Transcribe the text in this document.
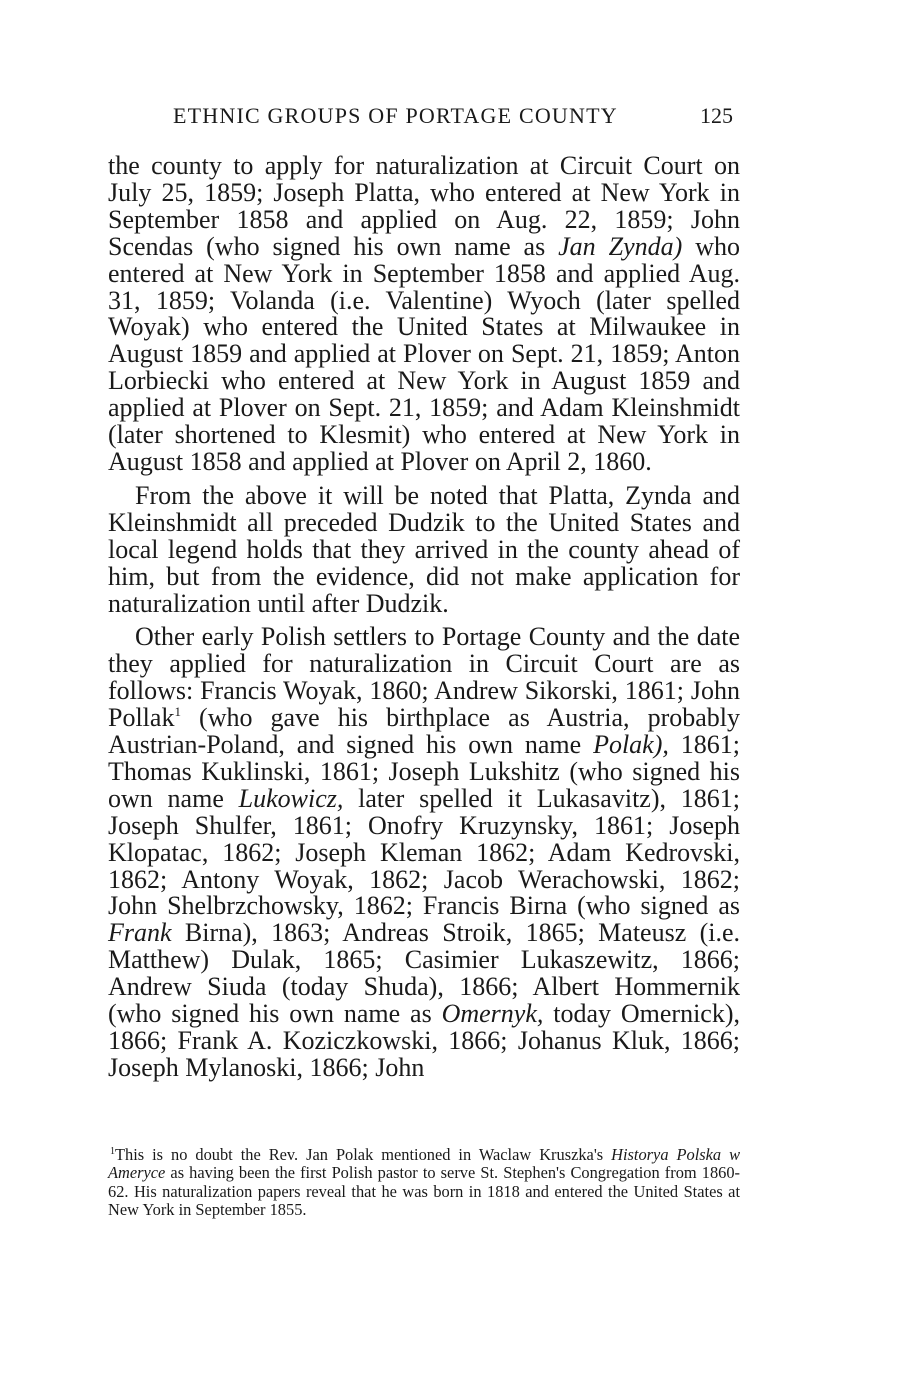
ETHNIC GROUPS OF PORTAGE COUNTY	125

the county to apply for naturalization at Circuit Court on July 25, 1859; Joseph Platta, who entered at New York in September 1858 and applied on Aug. 22, 1859; John Scendas (who signed his own name as Jan Zynda) who entered at New York in September 1858 and applied Aug. 31, 1859; Volanda (i.e. Valentine) Wyoch (later spelled Woyak) who entered the United States at Milwaukee in August 1859 and applied at Plover on Sept. 21, 1859; Anton Lorbiecki who entered at New York in August 1859 and applied at Plover on Sept. 21, 1859; and Adam Kleinshmidt (later shortened to Klesmit) who entered at New York in August 1858 and applied at Plover on April 2, 1860.

From the above it will be noted that Platta, Zynda and Kleinshmidt all preceded Dudzik to the United States and local legend holds that they arrived in the county ahead of him, but from the evidence, did not make application for naturalization until after Dudzik.

Other early Polish settlers to Portage County and the date they applied for naturalization in Circuit Court are as follows: Francis Woyak, 1860; Andrew Sikorski, 1861; John Pollak$^1$ (who gave his birthplace as Austria, probably Austrian-Poland, and signed his own name Polak), 1861; Thomas Kuklinski, 1861; Joseph Lukshitz (who signed his own name Lukowicz, later spelled it Lukasavitz), 1861; Joseph Shulfer, 1861; Onofry Kruzynsky, 1861; Joseph Klopatac, 1862; Joseph Kleman 1862; Adam Kedrovski, 1862; Antony Woyak, 1862; Jacob Werachowski, 1862; John Shelbrzchowsky, 1862; Francis Birna (who signed as Frank Birna), 1863; Andreas Stroik, 1865; Mateusz (i.e. Matthew) Dulak, 1865; Casimier Lukaszewitz, 1866; Andrew Siuda (today Shuda), 1866; Albert Hommernik (who signed his own name as Omernyk, today Omernick), 1866; Frank A. Koziczkowski, 1866; Johanus Kluk, 1866; Joseph Mylanoski, 1866; John

$^1$This is no doubt the Rev. Jan Polak mentioned in Waclaw Kruszka's Historya Polska w Ameryce as having been the first Polish pastor to serve St. Stephen's Congregation from 1860-62. His naturalization papers reveal that he was born in 1818 and entered the United States at New York in September 1855.
